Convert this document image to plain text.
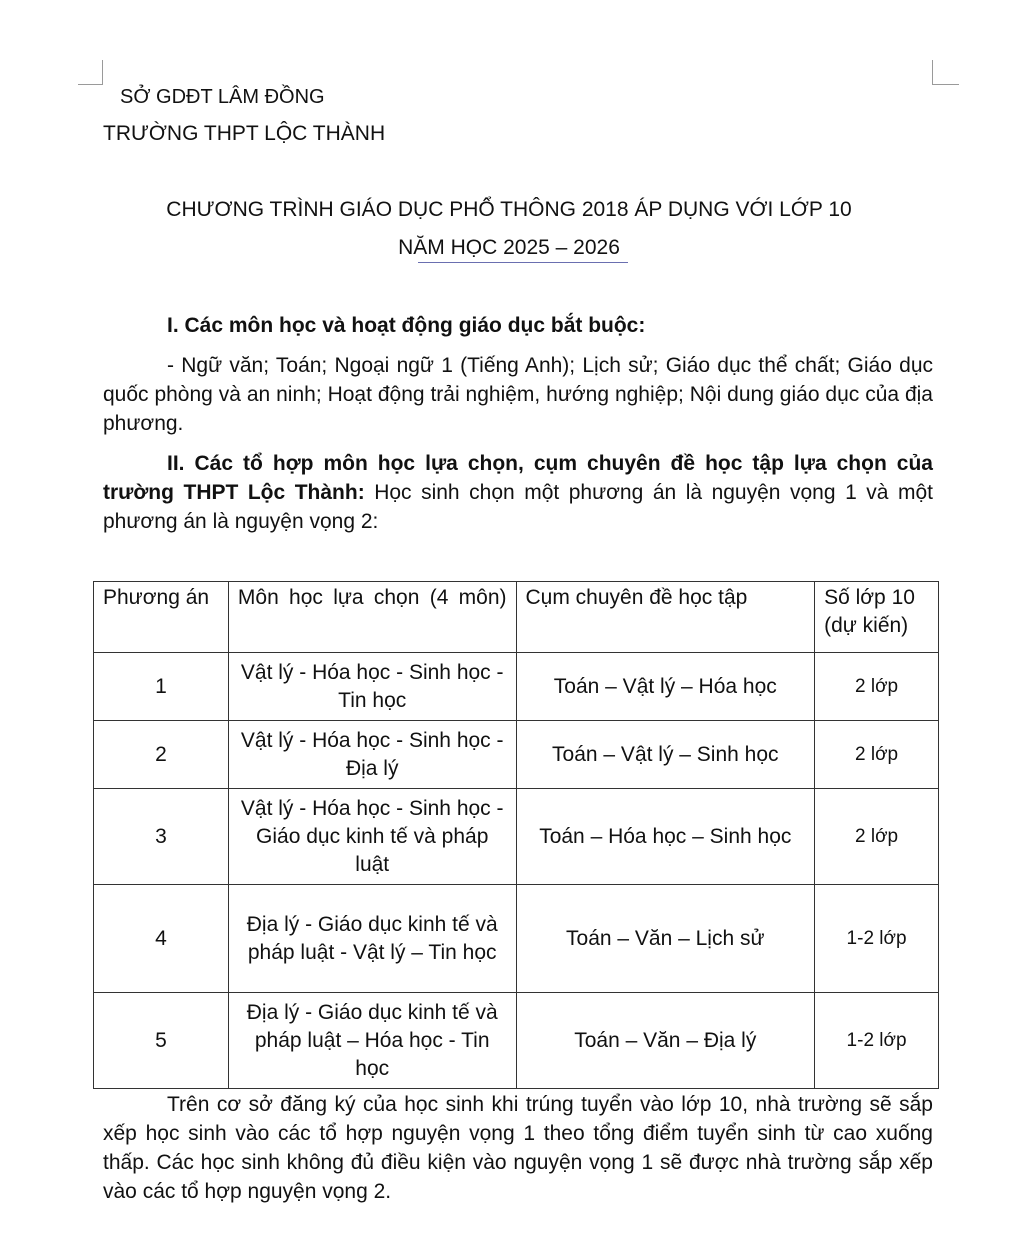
SỞ GDĐT LÂM ĐỒNG
TRƯỜNG THPT LỘC THÀNH
CHƯƠNG TRÌNH GIÁO DỤC PHỔ THÔNG 2018 ÁP DỤNG VỚI LỚP 10
NĂM HỌC 2025 – 2026
I. Các môn học và hoạt động giáo dục bắt buộc:
- Ngữ văn; Toán; Ngoại ngữ 1 (Tiếng Anh); Lịch sử; Giáo dục thể chất; Giáo dục quốc phòng và an ninh; Hoạt động trải nghiệm, hướng nghiệp; Nội dung giáo dục của địa phương.
II. Các tổ hợp môn học lựa chọn, cụm chuyên đề học tập lựa chọn của trường THPT Lộc Thành: Học sinh chọn một phương án là nguyện vọng 1 và một phương án là nguyện vọng 2:
Phương án	Môn học lựa chọn (4 môn)	Cụm chuyên đề học tập	Số lớp 10 (dự kiến)
1	Vật lý - Hóa học - Sinh học - Tin học	Toán – Vật lý – Hóa học	2 lớp
2	Vật lý - Hóa học - Sinh học - Địa lý	Toán – Vật lý – Sinh học	2 lớp
3	Vật lý - Hóa học - Sinh học - Giáo dục kinh tế và pháp luật	Toán – Hóa học – Sinh học	2 lớp
4	Địa lý - Giáo dục kinh tế và pháp luật - Vật lý – Tin học	Toán – Văn – Lịch sử	1-2 lớp
5	Địa lý - Giáo dục kinh tế và pháp luật – Hóa học - Tin học	Toán – Văn – Địa lý	1-2 lớp
Trên cơ sở đăng ký của học sinh khi trúng tuyển vào lớp 10, nhà trường sẽ sắp xếp học sinh vào các tổ hợp nguyện vọng 1 theo tổng điểm tuyển sinh từ cao xuống thấp. Các học sinh không đủ điều kiện vào nguyện vọng 1 sẽ được nhà trường sắp xếp vào các tổ hợp nguyện vọng 2.
